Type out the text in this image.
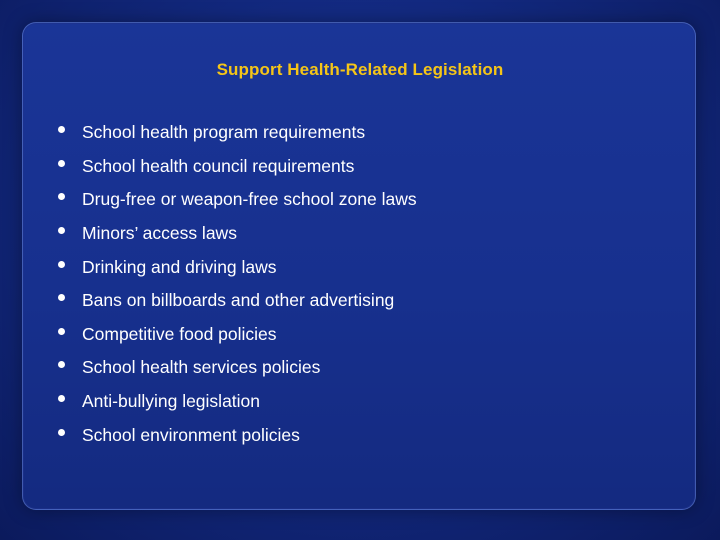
Support Health-Related Legislation
School health program requirements
School health council requirements
Drug-free or weapon-free school zone laws
Minors’ access laws
Drinking and driving laws
Bans on billboards and other advertising
Competitive food policies
School health services policies
Anti-bullying legislation
School environment policies
